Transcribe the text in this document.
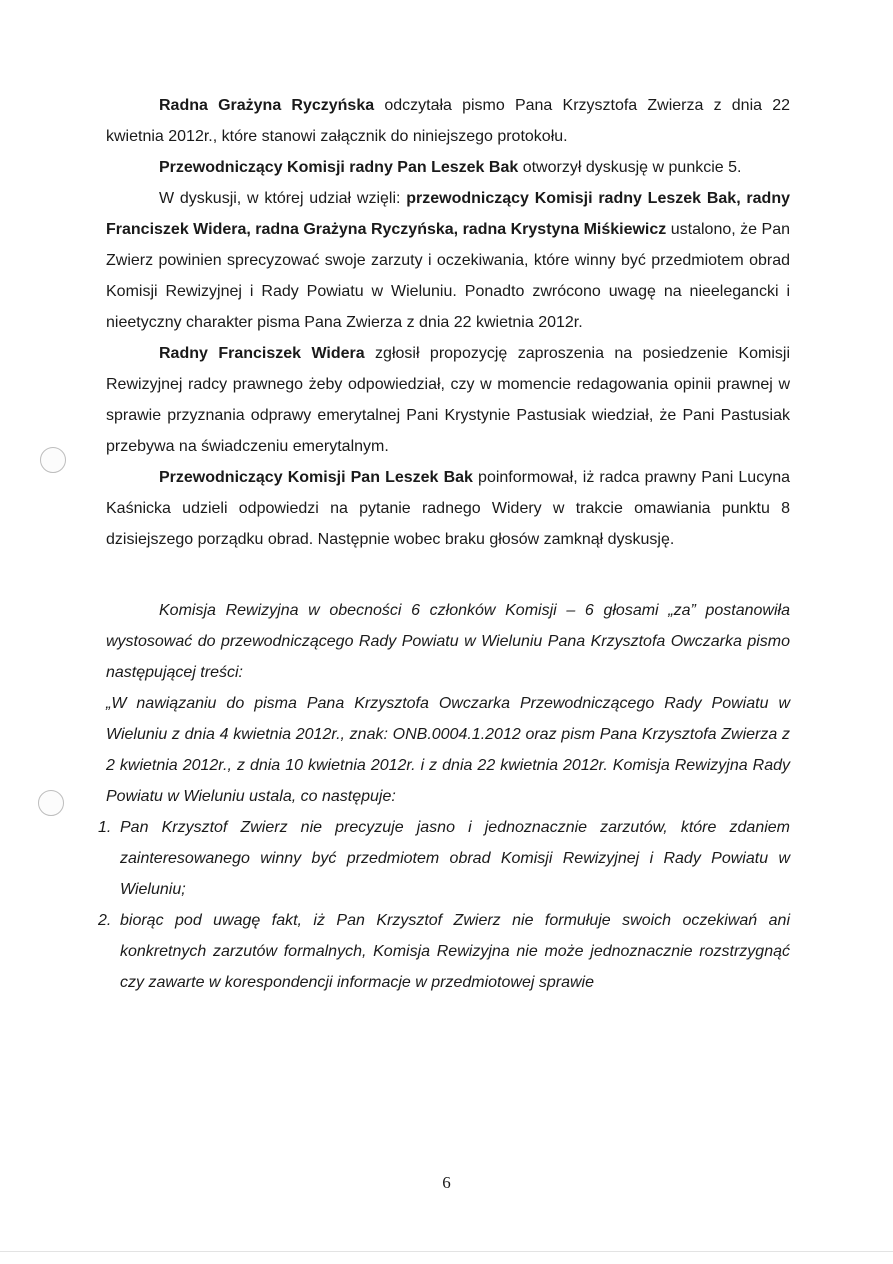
Radna Grażyna Ryczyńska odczytała pismo Pana Krzysztofa Zwierza z dnia 22 kwietnia 2012r., które stanowi załącznik do niniejszego protokołu.

Przewodniczący Komisji radny Pan Leszek Bak otworzył dyskusję w punkcie 5.

W dyskusji, w której udział wzięli: przewodniczący Komisji radny Leszek Bak, radny Franciszek Widera, radna Grażyna Ryczyńska, radna Krystyna Miśkiewicz ustalono, że Pan Zwierz powinien sprecyzować swoje zarzuty i oczekiwania, które winny być przedmiotem obrad Komisji Rewizyjnej i Rady Powiatu w Wieluniu. Ponadto zwrócono uwagę na nieelegancki i nieetyczny charakter pisma Pana Zwierza z dnia 22 kwietnia 2012r.

Radny Franciszek Widera zgłosił propozycję zaproszenia na posiedzenie Komisji Rewizyjnej radcy prawnego żeby odpowiedział, czy w momencie redagowania opinii prawnej w sprawie przyznania odprawy emerytalnej Pani Krystynie Pastusiak wiedział, że Pani Pastusiak przebywa na świadczeniu emerytalnym.

Przewodniczący Komisji Pan Leszek Bak poinformował, iż radca prawny Pani Lucyna Kaśnicka udzieli odpowiedzi na pytanie radnego Widery w trakcie omawiania punktu 8 dzisiejszego porządku obrad. Następnie wobec braku głosów zamknął dyskusję.

Komisja Rewizyjna w obecności 6 członków Komisji – 6 głosami „za” postanowiła wystosować do przewodniczącego Rady Powiatu w Wieluniu Pana Krzysztofa Owczarka pismo następującej treści:

„W nawiązaniu do pisma Pana Krzysztofa Owczarka Przewodniczącego Rady Powiatu w Wieluniu z dnia 4 kwietnia 2012r., znak: ONB.0004.1.2012 oraz pism Pana Krzysztofa Zwierza z 2 kwietnia 2012r., z dnia 10 kwietnia 2012r. i z dnia 22 kwietnia 2012r. Komisja Rewizyjna Rady Powiatu w Wieluniu ustala, co następuje:

1. Pan Krzysztof Zwierz nie precyzuje jasno i jednoznacznie zarzutów, które zdaniem zainteresowanego winny być przedmiotem obrad Komisji Rewizyjnej i Rady Powiatu w Wieluniu;
2. biorąc pod uwagę fakt, iż Pan Krzysztof Zwierz nie formułuje swoich oczekiwań ani konkretnych zarzutów formalnych, Komisja Rewizyjna nie może jednoznacznie rozstrzygnąć czy zawarte w korespondencji informacje w przedmiotowej sprawie
6
